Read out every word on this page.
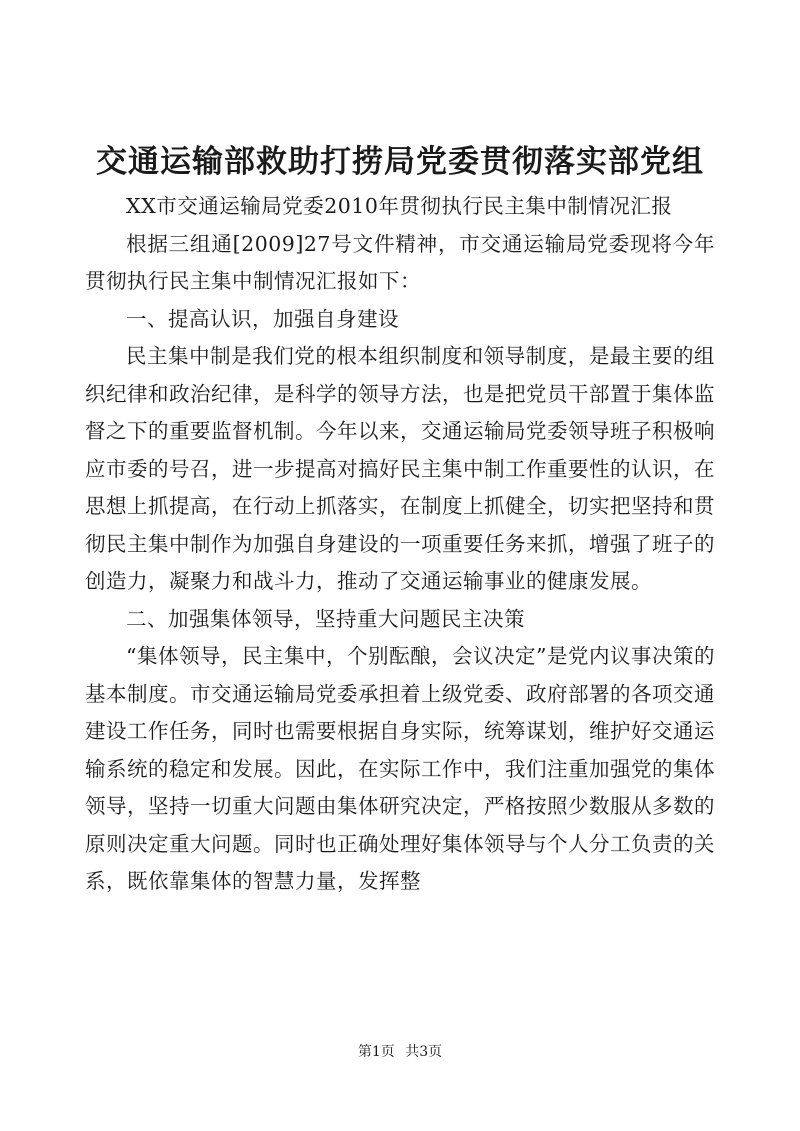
交通运输部救助打捞局党委贯彻落实部党组

XX市交通运输局党委2010年贯彻执行民主集中制情况汇报

根据三组通[2009]27号文件精神，市交通运输局党委现将今年贯彻执行民主集中制情况汇报如下：

一、提高认识，加强自身建设

民主集中制是我们党的根本组织制度和领导制度，是最主要的组织纪律和政治纪律，是科学的领导方法，也是把党员干部置于集体监督之下的重要监督机制。今年以来，交通运输局党委领导班子积极响应市委的号召，进一步提高对搞好民主集中制工作重要性的认识，在思想上抓提高，在行动上抓落实，在制度上抓健全，切实把坚持和贯彻民主集中制作为加强自身建设的一项重要任务来抓，增强了班子的创造力，凝聚力和战斗力，推动了交通运输事业的健康发展。

二、加强集体领导，坚持重大问题民主决策

“集体领导，民主集中，个别酝酿，会议决定”是党内议事决策的基本制度。市交通运输局党委承担着上级党委、政府部署的各项交通建设工作任务，同时也需要根据自身实际，统筹谋划，维护好交通运输系统的稳定和发展。因此，在实际工作中，我们注重加强党的集体领导，坚持一切重大问题由集体研究决定，严格按照少数服从多数的原则决定重大问题。同时也正确处理好集体领导与个人分工负责的关系，既依靠集体的智慧力量，发挥整

第1页 共3页
